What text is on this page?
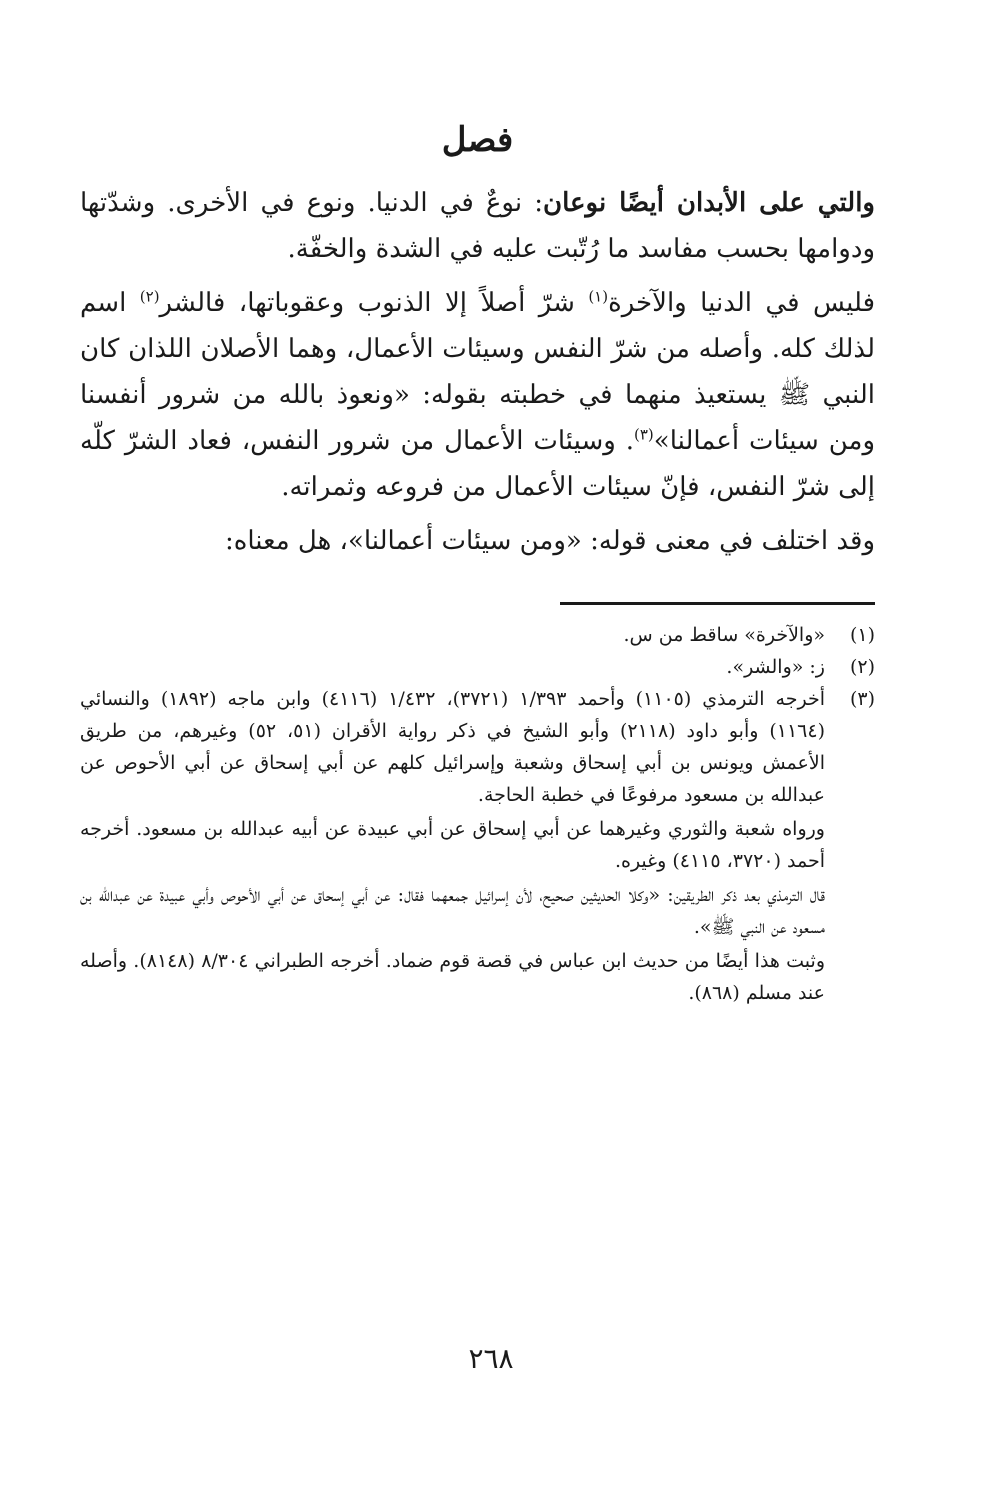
فصل

والتي على الأبدان أيضًا نوعان: نوعٌ في الدنيا. ونوع في الأخرى. وشدّتها ودوامها بحسب مفاسد ما رُتّبت عليه في الشدة والخفّة.

فليس في الدنيا والآخرة$^{(١)}$ شرّ أصلاً إلا الذنوب وعقوباتها، فالشر$^{(٢)}$ اسم لذلك كله. وأصله من شرّ النفس وسيئات الأعمال، وهما الأصلان اللذان كان النبي ﷺ يستعيذ منهما في خطبته بقوله: «ونعوذ بالله من شرور أنفسنا ومن سيئات أعمالنا»$^{(٣)}$. وسيئات الأعمال من شرور النفس، فعاد الشرّ كلّه إلى شرّ النفس، فإنّ سيئات الأعمال من فروعه وثمراته.

وقد اختلف في معنى قوله: «ومن سيئات أعمالنا»، هل معناه:

(١)
«والآخرة» ساقط من س.
(٢)
ز: «والشر».
(٣)
أخرجه الترمذي (١١٠٥) وأحمد ١/٣٩٣ (٣٧٢١)، ١/٤٣٢ (٤١١٦) وابن ماجه (١٨٩٢) والنسائي (١١٦٤) وأبو داود (٢١١٨) وأبو الشيخ في ذكر رواية الأقران (٥١، ٥٢) وغيرهم، من طريق الأعمش ويونس بن أبي إسحاق وشعبة وإسرائيل كلهم عن أبي إسحاق عن أبي الأحوص عن عبدالله بن مسعود مرفوعًا في خطبة الحاجة.
ورواه شعبة والثوري وغيرهما عن أبي إسحاق عن أبي عبيدة عن أبيه عبدالله بن مسعود. أخرجه أحمد (٣٧٢٠، ٤١١٥) وغيره.
قال الترمذي بعد ذكر الطريقين: «وكلا الحديثين صحيح، لأن إسرائيل جمعهما فقال: عن أبي إسحاق عن أبي الأحوص وأبي عبيدة عن عبدالله بن مسعود عن النبي ﷺ».
وثبت هذا أيضًا من حديث ابن عباس في قصة قوم ضماد. أخرجه الطبراني ٨/٣٠٤ (٨١٤٨). وأصله عند مسلم (٨٦٨).
٢٦٨
